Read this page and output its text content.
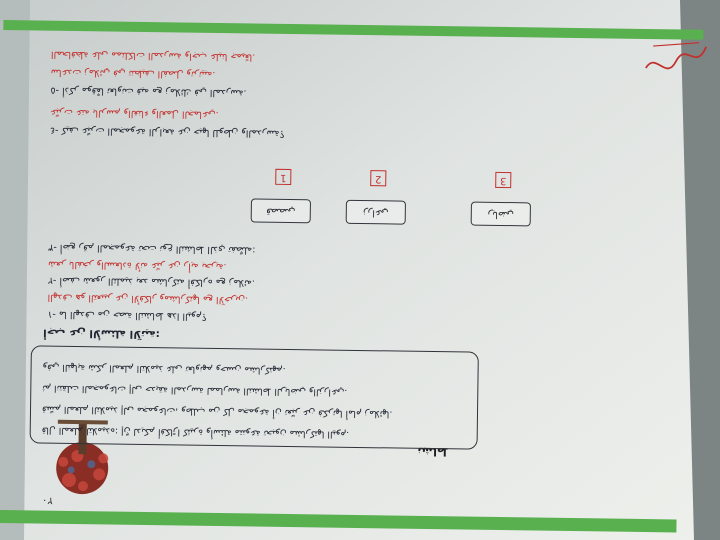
٢٠
نشاط
قال المعلم لتلاميذه: إنّ لديكم أفكارًا كثيرة وأسئلة متنوعة تحبون مشاركتها اليوم.
قسّم المعلم التلاميذ إلى مجموعات، وطلب من كل مجموعة أن تعبّر عن فكرتها أمام زملائها.
ثم انتقلت المجموعات إلى حديقة المدرسة لممارسة النشاط الرياضي والزراعي.
وفي النهاية شكر المعلم التلاميذ على تعاونهم وحسن مشاركتهم.
أجب عن الأسئلة الآتية:
١- ما الهدف من حصة النشاط هذا اليوم؟
الهدف هو التعبير عن الأفكار ومشاركتها مع الآخرين.
٢- أصف شعور التلميذ بعد مشاركته أفكاره مع زملائه.
شعر بالفخر والسعادة لأنه عبّر عن رأيه بحرية.
٣- أضع رقم المجموعة تحت نوع النشاط الذي تفضّله:
قصصي
1
زراعي
2
رياضي
3
٤- كيف عبّرت المجموعة الرابعة عن حبها للوطن والمدرسة؟
عبّرت عنه بالرسم والغناء والعمل الجماعي.
٥- أذكر موقفًا تعاونت فيه مع زملائك في المدرسة.
ساعدت زملائي في تنظيف الفصل وترتيبه.
المحافظة على ممتلكات المدرسة واجب علينا جميعًا.
